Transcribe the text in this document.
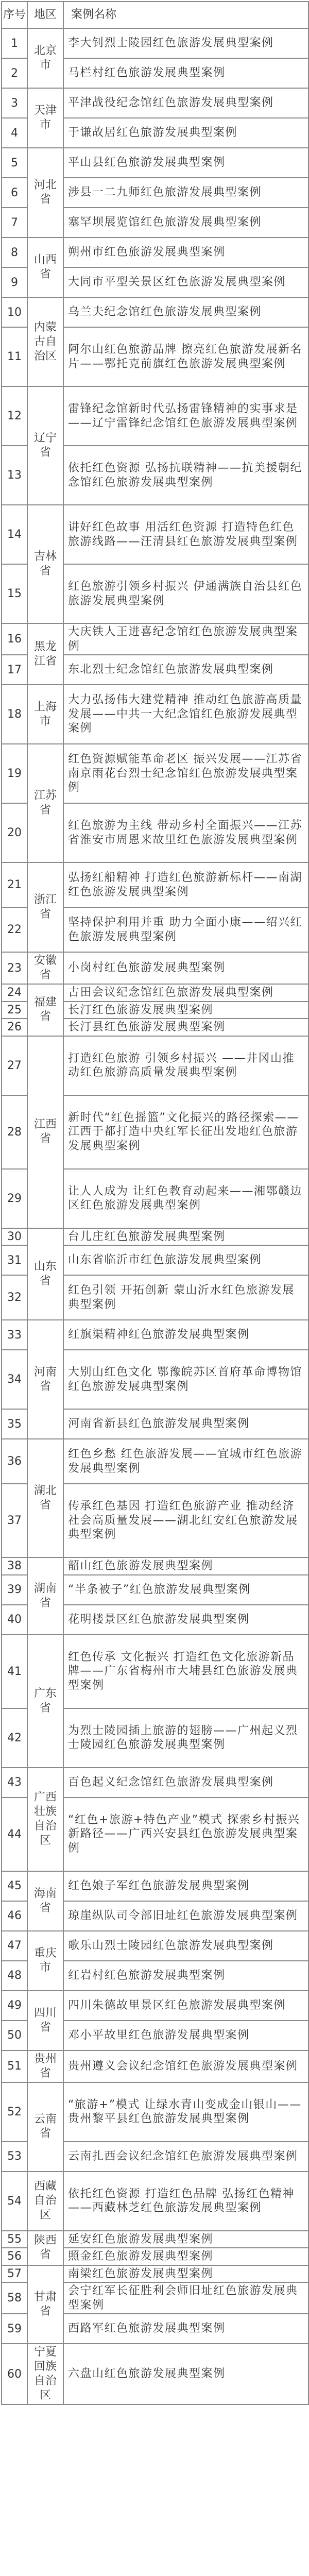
序号	地区	案例名称
1	北京市	李大钊烈士陵园红色旅游发展典型案例
2		马栏村红色旅游发展典型案例
3	天津市	平津战役纪念馆红色旅游发展典型案例
4		于谦故居红色旅游发展典型案例
5	河北省	平山县红色旅游发展典型案例
6		涉县一二九师红色旅游发展典型案例
7		塞罕坝展览馆红色旅游发展典型案例
8	山西省	朔州市红色旅游发展典型案例
9		大同市平型关景区红色旅游发展典型案例
10	内蒙古自治区	乌兰夫纪念馆红色旅游发展典型案例
11		阿尔山红色旅游品牌 擦亮红色旅游发展新名片——鄂托克前旗红色旅游发展典型案例
12	辽宁省	雷锋纪念馆新时代弘扬雷锋精神的实事求是 ——辽宁雷锋纪念馆红色旅游发展典型案例
13		依托红色资源 弘扬抗联精神——抗美援朝纪念馆红色旅游发展典型案例
14	吉林省	讲好红色故事 用活红色资源 打造特色红色旅游线路——汪清县红色旅游发展典型案例
15		红色旅游引领乡村振兴 伊通满族自治县红色旅游发展典型案例
16	黑龙江省	大庆铁人王进喜纪念馆红色旅游发展典型案例
17		东北烈士纪念馆红色旅游发展典型案例
18	上海市	大力弘扬伟大建党精神 推动红色旅游高质量发展——中共一大纪念馆红色旅游发展典型案例
19	江苏省	红色资源赋能革命老区 振兴发展——江苏省南京雨花台烈士纪念馆红色旅游发展典型案例
20		红色旅游为主线 带动乡村全面振兴——江苏省淮安市周恩来故里红色旅游发展典型案例
21	浙江省	弘扬红船精神 打造红色旅游新标杆——南湖红色旅游发展典型案例
22		坚持保护利用并重 助力全面小康——绍兴红色旅游发展典型案例
23	安徽省	小岗村红色旅游发展典型案例
24	福建省	古田会议纪念馆红色旅游发展典型案例
25		长汀红色旅游发展典型案例
26		长汀县红色旅游发展典型案例
27	江西省	打造红色旅游 引领乡村振兴 ——井冈山推动红色旅游高质量发展典型案例
28		新时代“红色摇篮”文化振兴的路径探索——江西于都打造中央红军长征出发地红色旅游发展典型案例
29		让人人成为 让红色教育动起来——湘鄂赣边区红色旅游发展典型案例
30	山东省	台儿庄红色旅游发展典型案例
31		山东省临沂市红色旅游发展典型案例
32		红色引领 开拓创新 蒙山沂水红色旅游发展典型案例
33	河南省	红旗渠精神红色旅游发展典型案例
34		大别山红色文化 鄂豫皖苏区首府革命博物馆红色旅游发展典型案例
35		河南省新县红色旅游发展典型案例
36	湖北省	红色乡愁 红色旅游发展——宜城市红色旅游发展典型案例
37		传承红色基因 打造红色旅游产业 推动经济社会高质量发展——湖北红安红色旅游发展典型案例
38	湖南省	韶山红色旅游发展典型案例
39		“半条被子”红色旅游发展典型案例
40		花明楼景区红色旅游发展典型案例
41	广东省	红色传承 文化振兴 打造红色文化旅游新品牌——广东省梅州市大埔县红色旅游发展典型案例
42		为烈士陵园插上旅游的翅膀——广州起义烈士陵园红色旅游发展典型案例
43	广西壮族自治区	百色起义纪念馆红色旅游发展典型案例
44		“红色+旅游+特色产业”模式 探索乡村振兴新路径——广西兴安县红色旅游发展典型案例
45	海南省	红色娘子军红色旅游发展典型案例
46		琼崖纵队司令部旧址红色旅游发展典型案例
47	重庆市	歌乐山烈士陵园红色旅游发展典型案例
48		红岩村红色旅游发展典型案例
49	四川省	四川朱德故里景区红色旅游发展典型案例
50		邓小平故里红色旅游发展典型案例
51	贵州省	贵州遵义会议纪念馆红色旅游发展典型案例
52	云南省	“旅游+”模式 让绿水青山变成金山银山——贵州黎平县红色旅游发展典型案例
53		云南扎西会议纪念馆红色旅游发展典型案例
54	西藏自治区	依托红色资源 打造红色品牌 弘扬红色精神——西藏林芝红色旅游发展典型案例
55	陕西省	延安红色旅游发展典型案例
56		照金红色旅游发展典型案例
57	甘肃省	南梁红色旅游发展典型案例
58		会宁红军长征胜利会师旧址红色旅游发展典型案例
59		西路军红色旅游发展典型案例
60	宁夏回族自治区	六盘山红色旅游发展典型案例
